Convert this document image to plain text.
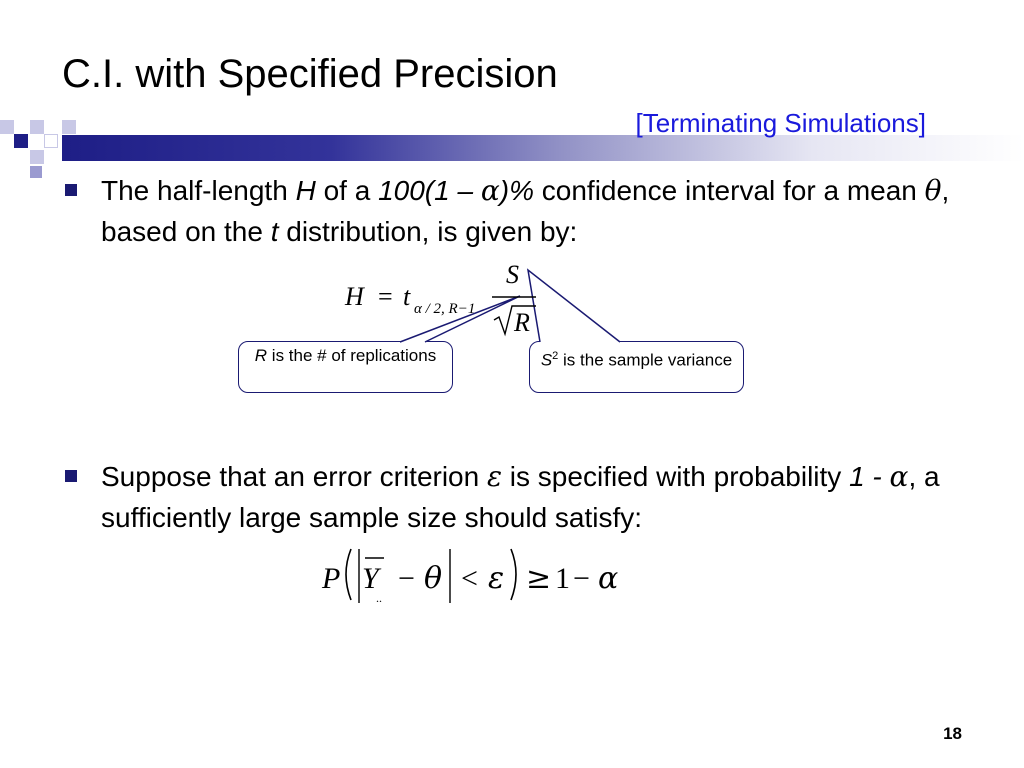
C.I. with Specified Precision
[Terminating Simulations]
The half-length H of a 100(1 – α)% confidence interval for a mean θ, based on the t distribution, is given by:
Suppose that an error criterion ε is specified with probability 1 - α, a sufficiently large sample size should satisfy:
R is the # of replications	$S^2$ is the sample variance
H = t α / 2, R−1
S
R
P Y
..
− θ < ε ≥ 1 − α
18
